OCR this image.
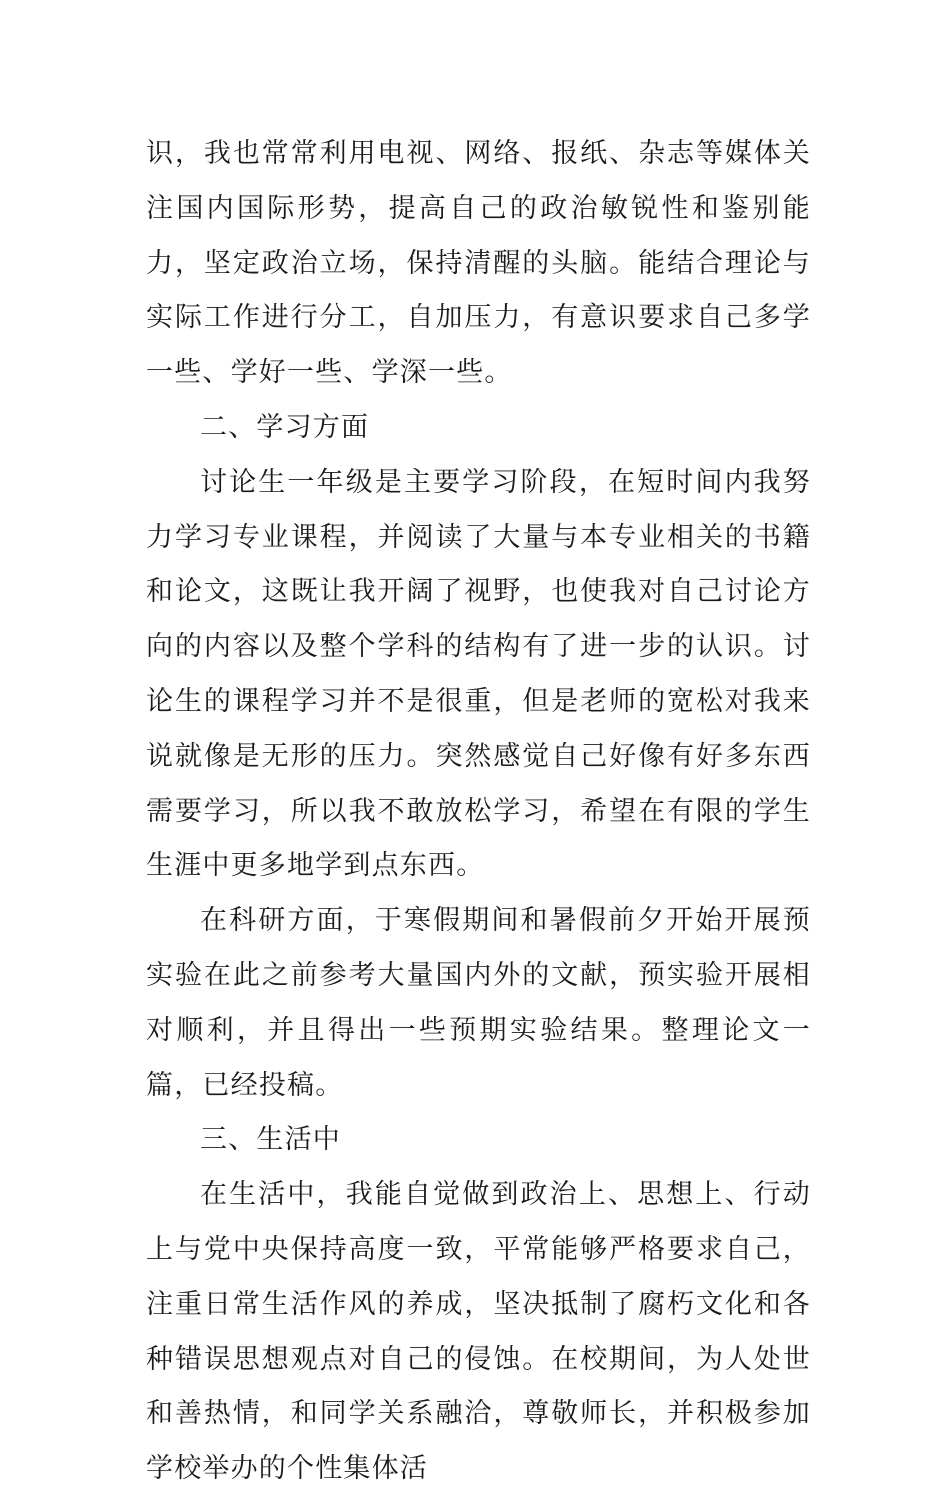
识，我也常常利用电视、网络、报纸、杂志等媒体关注国内国际形势，提高自己的政治敏锐性和鉴别能力，坚定政治立场，保持清醒的头脑。能结合理论与实际工作进行分工，自加压力，有意识要求自己多学一些、学好一些、学深一些。

二、学习方面

讨论生一年级是主要学习阶段，在短时间内我努力学习专业课程，并阅读了大量与本专业相关的书籍和论文，这既让我开阔了视野，也使我对自己讨论方向的内容以及整个学科的结构有了进一步的认识。讨论生的课程学习并不是很重，但是老师的宽松对我来说就像是无形的压力。突然感觉自己好像有好多东西需要学习，所以我不敢放松学习，希望在有限的学生生涯中更多地学到点东西。

在科研方面，于寒假期间和暑假前夕开始开展预实验在此之前参考大量国内外的文献，预实验开展相对顺利，并且得出一些预期实验结果。整理论文一篇，已经投稿。

三、生活中

在生活中，我能自觉做到政治上、思想上、行动上与党中央保持高度一致，平常能够严格要求自己，注重日常生活作风的养成，坚决抵制了腐朽文化和各种错误思想观点对自己的侵蚀。在校期间，为人处世和善热情，和同学关系融洽，尊敬师长，并积极参加学校举办的个性集体活
